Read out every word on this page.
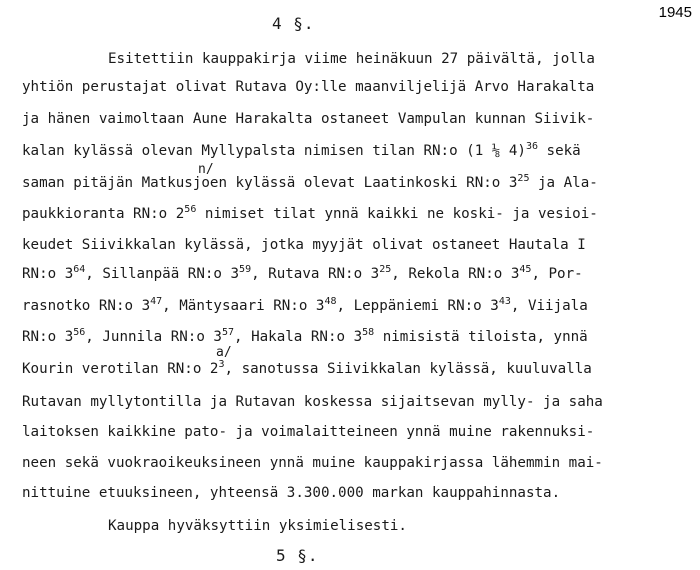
1945
4 §.
Esitettiin kauppakirja viime heinäkuun 27 päivältä, jolla
yhtiön perustajat olivat Rutava Oy:lle maanviljelijä Arvo Harakalta
ja hänen vaimoltaan Aune Harakalta ostaneet Vampulan kunnan Siivik-
kalan kylässä olevan Myllypalsta nimisen tilan RN:o (1 ⅛ 4)$^{36}$ sekä
saman pitäjän Matkusjoen kylässä olevat Laatinkoski RN:o $3^{25}$ ja Ala-
paukkioranta RN:o $2^{56}$ nimiset tilat ynnä kaikki ne koski- ja vesioi-
keudet Siivikkalan kylässä, jotka myyjät olivat ostaneet Hautala I
RN:o $3^{64}$, Sillanpää RN:o $3^{59}$, Rutava RN:o $3^{25}$, Rekola RN:o $3^{45}$, Por-
rasnotko RN:o $3^{47}$, Mäntysaari RN:o $3^{48}$, Leppäniemi RN:o $3^{43}$, Viijala
RN:o $3^{56}$, Junnila RN:o $3^{57}$, Hakala RN:o $3^{58}$ nimisistä tiloista, ynnä
Kourin verotilan RN:o $2^3$, sanotussa Siivikkalan kylässä, kuuluvalla
Rutavan myllytontilla ja Rutavan koskessa sijaitsevan mylly- ja saha
laitoksen kaikkine pato- ja voimalaitteineen ynnä muine rakennuksi-
neen sekä vuokraoikeuksineen ynnä muine kauppakirjassa lähemmin mai-
nittuine etuuksineen, yhteensä 3.300.000 markan kauppahinnasta.
Kauppa hyväksyttiin yksimielisesti.
n/
a/
5 §.
